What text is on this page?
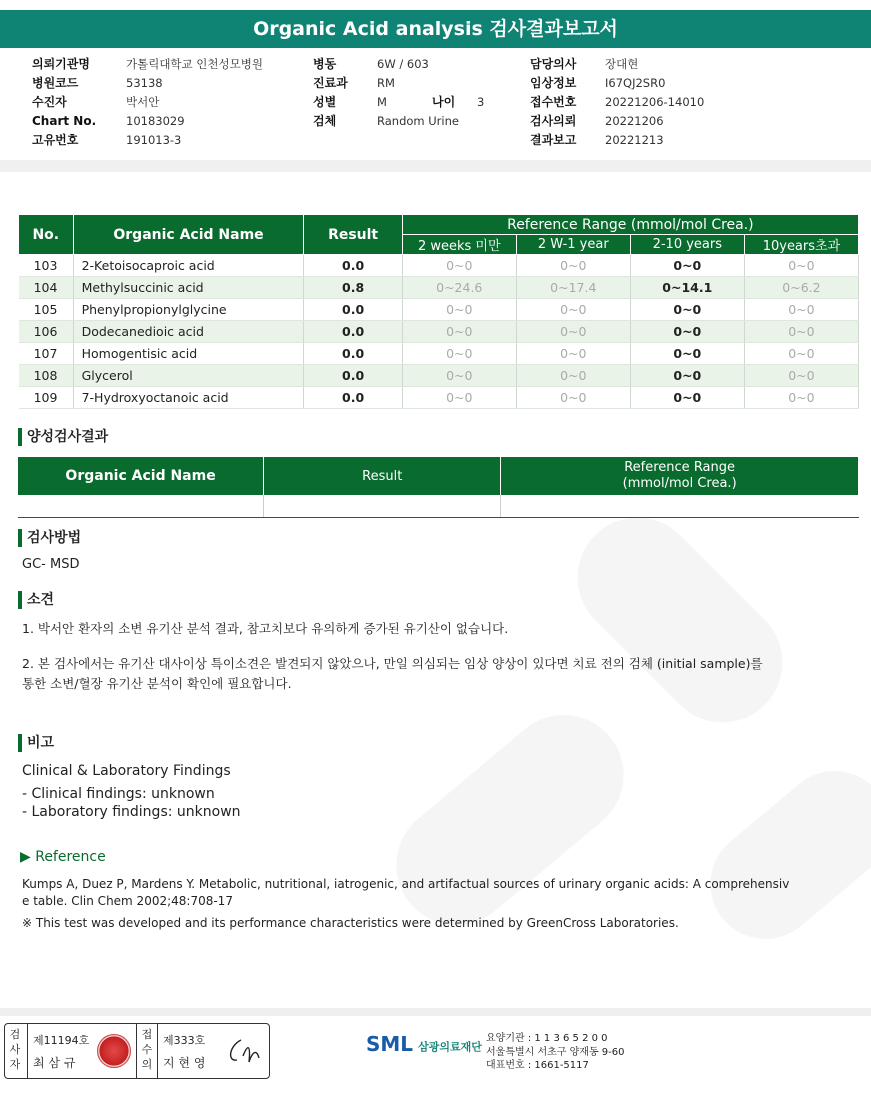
Organic Acid analysis 검사결과보고서
의뢰기관명	가톨릭대학교 인천성모병원
병원코드	53138
수진자	박서안
Chart No.	10183029
고유번호	191013-3
병동	6W / 603
진료과	RM
성별	M	나이 3
검체	Random Urine
담당의사 장대현
임상정보 I67QJ2SR0
접수번호 20221206-14010
검사의뢰 20221206
결과보고 20221213
No.	Organic Acid Name	Result	Reference Range (mmol/mol Crea.)			
			2 weeks 미만	2 W-1 year	2-10 years	10years초과
103	2-Ketoisocaproic acid	0.0	0~0	0~0	0~0	0~0
104	Methylsuccinic acid	0.8	0~24.6	0~17.4	0~14.1	0~6.2
105	Phenylpropionylglycine	0.0	0~0	0~0	0~0	0~0
106	Dodecanedioic acid	0.0	0~0	0~0	0~0	0~0
107	Homogentisic acid	0.0	0~0	0~0	0~0	0~0
108	Glycerol	0.0	0~0	0~0	0~0	0~0
109	7-Hydroxyoctanoic acid	0.0	0~0	0~0	0~0	0~0
양성검사결과
Organic Acid Name	Result	Reference Range
(mmol/mol Crea.)

검사방법
GC- MSD
소견
1. 박서안 환자의 소변 유기산 분석 결과, 참고치보다 유의하게 증가된 유기산이 없습니다.
2. 본 검사에서는 유기산 대사이상 특이소견은 발견되지 않았으나, 만일 의심되는 임상 양상이 있다면 치료 전의 검체 (initial sample)를
통한 소변/혈장 유기산 분석이 확인에 필요합니다.
비고
Clinical & Laboratory Findings
- Clinical findings: unknown
- Laboratory findings: unknown
▶ Reference
Kumps A, Duez P, Mardens Y. Metabolic, nutritional, iatrogenic, and artifactual sources of urinary organic acids: A comprehensiv
e table. Clin Chem 2002;48:708-17
※ This test was developed and its performance characteristics were determined by GreenCross Laboratories.
검사자
제11194호
최 삼 규
접수의
제333호
지 현 영
SML 삼광의료재단
요양기관 : 1 1 3 6 5 2 0 0
서울특별시 서초구 양재동 9-60
대표번호 : 1661-5117
